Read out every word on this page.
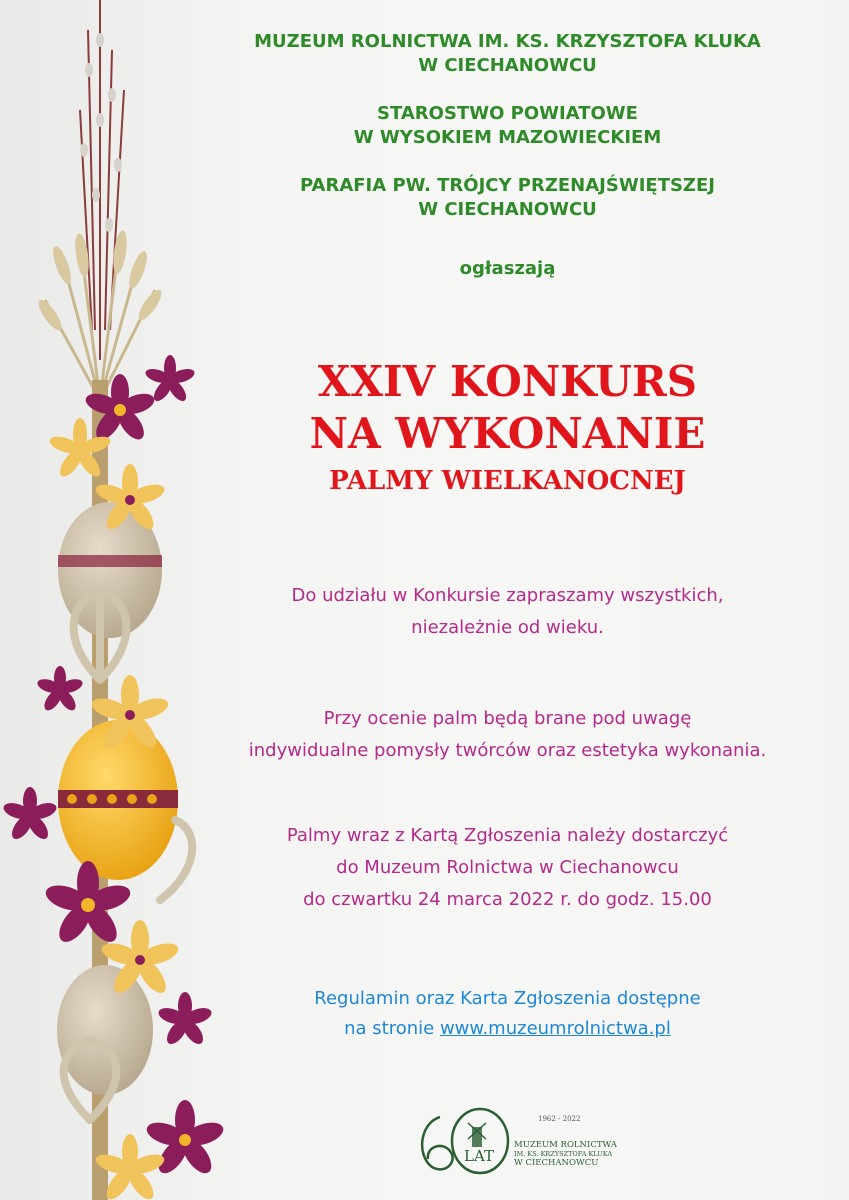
MUZEUM ROLNICTWA IM. KS. KRZYSZTOFA KLUKA
W CIECHANOWCU
STAROSTWO POWIATOWE
W WYSOKIEM MAZOWIECKIEM
PARAFIA PW. TRÓJCY PRZENAJŚWIĘTSZEJ
W CIECHANOWCU
ogłaszają
XXIV KONKURS
NA WYKONANIE
PALMY WIELKANOCNEJ
Do udziału w Konkursie zapraszamy wszystkich,
niezależnie od wieku.
Przy ocenie palm będą brane pod uwagę
indywidualne pomysły twórców oraz estetyka wykonania.
Palmy wraz z Kartą Zgłoszenia należy dostarczyć
do Muzeum Rolnictwa w Ciechanowcu
do czwartku 24 marca 2022 r. do godz. 15.00
Regulamin oraz Karta Zgłoszenia dostępne
na stronie www.muzeumrolnictwa.pl
1962 - 2022
LAT
MUZEUM ROLNICTWA
IM. KS. KRZYSZTOFA KLUKA
W CIECHANOWCU
